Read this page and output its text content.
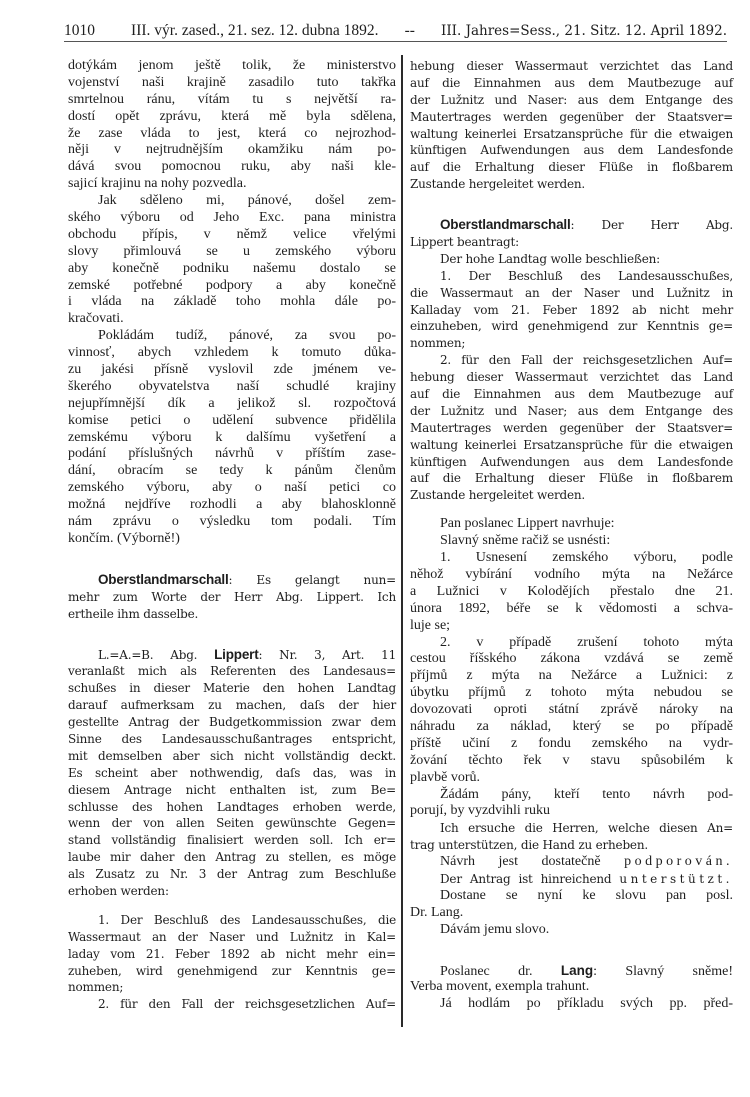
1010 III. výr. zased., 21. sez. 12. dubna 1892. -- III. Jahres=Sess., 21. Sitz. 12. April 1892.
dotýkám jenom ještě tolik, že ministerstvo
vojenství naši krajině zasadilo tuto takřka
smrtelnou ránu, vítám tu s největší ra-
dostí opět zprávu, která mě byla sdělena,
že zase vláda to jest, která co nejrozhod-
něji v nejtrudnějším okamžiku nám po-
dává svou pomocnou ruku, aby naši kle-
sajicí krajinu na nohy pozvedla.
Jak sděleno mi, pánové, došel zem-
ského výboru od Jeho Exc. pana ministra
obchodu přípis, v němž velice vřelými
slovy přimlouvá se u zemského výboru
aby konečně podniku našemu dostalo se
zemské potřebné podpory a aby konečně
i vláda na základě toho mohla dále po-
kračovati.
Pokládám tudíž, pánové, za svou po-
vinnosť, abych vzhledem k tomuto důka-
zu jakési přísně vyslovil zde jménem ve-
škerého obyvatelstva naší schudlé krajiny
nejupřímnější dík a jelikož sl. rozpočtová
komise petici o udělení subvence přidělila
zemskému výboru k dalšímu vyšetření a
podání příslušných návrhů v příštím zase-
dání, obracím se tedy k pánům členům
zemského výboru, aby o naší petici co
možná nejdříve rozhodli a aby blahosklonně
nám zprávu o výsledku tom podali. Tím
končím. (Výborně!)
Oberstlandmarschall: Es gelangt nun=
mehr zum Worte der Herr Abg. Lippert. Ich
ertheile ihm dasselbe.
L.=A.=B. Abg. Lippert: Nr. 3, Art. 11
veranlaßt mich als Referenten des Landesaus=
schußes in dieser Materie den hohen Landtag
darauf aufmerksam zu machen, daſs der hier
gestellte Antrag der Budgetkommission zwar dem
Sinne des Landesausschußantrages entspricht,
mit demselben aber sich nicht vollständig deckt.
Es scheint aber nothwendig, daſs das, was in
diesem Antrage nicht enthalten ist, zum Be=
schlusse des hohen Landtages erhoben werde,
wenn der von allen Seiten gewünschte Gegen=
stand vollständig finalisiert werden soll. Ich er=
laube mir daher den Antrag zu stellen, es möge
als Zusatz zu Nr. 3 der Antrag zum Beschluße
erhoben werden:
1. Der Beschluß des Landesausschußes, die
Wassermaut an der Naser und Lužnitz in Kal=
laday vom 21. Feber 1892 ab nicht mehr ein=
zuheben, wird genehmigend zur Kenntnis ge=
nommen;
2. für den Fall der reichsgesetzlichen Auf=
hebung dieser Wassermaut verzichtet das Land
auf die Einnahmen aus dem Mautbezuge auf
der Lužnitz und Naser: aus dem Entgange des
Mautertrages werden gegenüber der Staatsver=
waltung keinerlei Ersatzansprüche für die etwaigen
künftigen Aufwendungen aus dem Landesfonde
auf die Erhaltung dieser Flüße in floßbarem
Zustande hergeleitet werden.
Oberstlandmarschall: Der Herr Abg.
Lippert beantragt:
Der hohe Landtag wolle beschließen:
1. Der Beschluß des Landesausschußes,
die Wassermaut an der Naser und Lužnitz in
Kalladay vom 21. Feber 1892 ab nicht mehr
einzuheben, wird genehmigend zur Kenntnis ge=
nommen;
2. für den Fall der reichsgesetzlichen Auf=
hebung dieser Wassermaut verzichtet das Land
auf die Einnahmen aus dem Mautbezuge auf
der Lužnitz und Naser; aus dem Entgange des
Mautertrages werden gegenüber der Staatsver=
waltung keinerlei Ersatzansprüche für die etwaigen
künftigen Aufwendungen aus dem Landesfonde
auf die Erhaltung dieser Flüße in floßbarem
Zustande hergeleitet werden.
Pan poslanec Lippert navrhuje:
Slavný sněme račiž se usnésti:
1. Usnesení zemského výboru, podle
něhož vybírání vodního mýta na Nežárce
a Lužnici v Kolodějích přestalo dne 21.
února 1892, béře se k vědomosti a schva-
luje se;
2. v případě zrušení tohoto mýta
cestou říšského zákona vzdává se země
příjmů z mýta na Nežárce a Lužnici: z
úbytku příjmů z tohoto mýta nebudou se
dovozovati oproti státní zprávě nároky na
náhradu za náklad, který se po případě
příště učiní z fondu zemského na vydr-
žování těchto řek v stavu spůsobilém k
plavbě vorů.
Žádám pány, kteří tento návrh pod-
porují, by vyzdvihli ruku
Ich ersuche die Herren, welche diesen An=
trag unterstützen, die Hand zu erheben.
Návrh jest dostatečně podporován.
Der Antrag ist hinreichend unterstützt.
Dostane se nyní ke slovu pan posl.
Dr. Lang.
Dávám jemu slovo.
Poslanec dr. Lang: Slavný sněme!
Verba movent, exempla trahunt.
Já hodlám po příkladu svých pp. před-
